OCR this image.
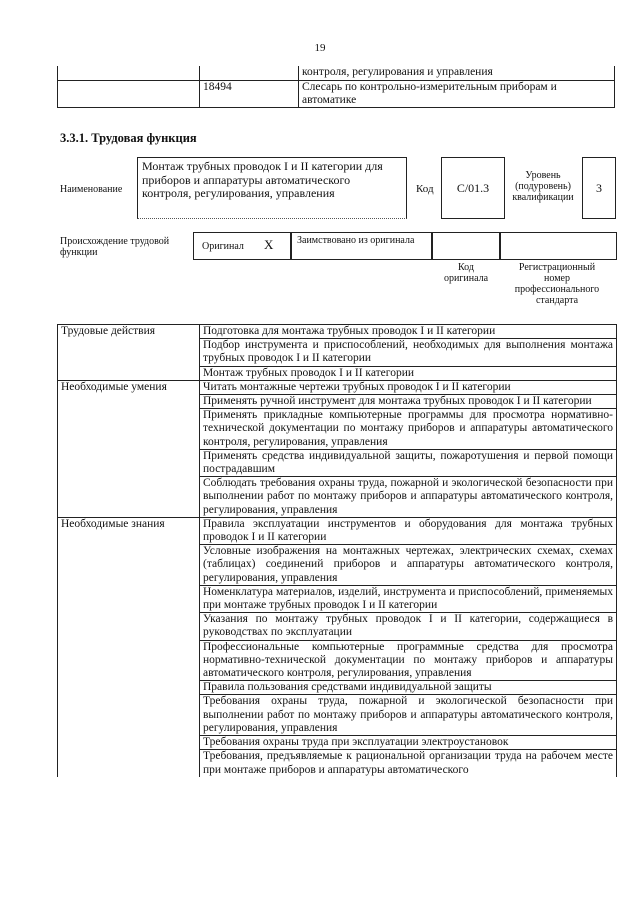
19
		контроля, регулирования и управления
	18494	Слесарь по контрольно-измерительным приборам и автоматике
3.3.1. Трудовая функция
Наименование
Монтаж трубных проводок I и II категории для приборов и аппаратуры автоматического контроля, регулирования, управления	Код C/01.3
Уровень (подуровень) квалификации
3
Происхождение трудовой функции
Оригинал X Заимствовано из оригинала
Код оригинала
Регистрационный номер профессионального стандарта
Трудовые действия	Подготовка для монтажа трубных проводок I и II категории
	Подбор инструмента и приспособлений, необходимых для выполнения монтажа трубных проводок I и II категории
	Монтаж трубных проводок I и II категории
Необходимые умения	Читать монтажные чертежи трубных проводок I и II категории
	Применять ручной инструмент для монтажа трубных проводок I и II категории
	Применять прикладные компьютерные программы для просмотра нормативно-технической документации по монтажу приборов и аппаратуры автоматического контроля, регулирования, управления
	Применять средства индивидуальной защиты, пожаротушения и первой помощи пострадавшим
	Соблюдать требования охраны труда, пожарной и экологической безопасности при выполнении работ по монтажу приборов и аппаратуры автоматического контроля, регулирования, управления
Необходимые знания	Правила эксплуатации инструментов и оборудования для монтажа трубных проводок I и II категории
	Условные изображения на монтажных чертежах, электрических схемах, схемах (таблицах) соединений приборов и аппаратуры автоматического контроля, регулирования, управления
	Номенклатура материалов, изделий, инструмента и приспособлений, применяемых при монтаже трубных проводок I и II категории
	Указания по монтажу трубных проводок I и II категории, содержащиеся в руководствах по эксплуатации
	Профессиональные компьютерные программные средства для просмотра нормативно-технической документации по монтажу приборов и аппаратуры автоматического контроля, регулирования, управления
	Правила пользования средствами индивидуальной защиты
	Требования охраны труда, пожарной и экологической безопасности при выполнении работ по монтажу приборов и аппаратуры автоматического контроля, регулирования, управления
	Требования охраны труда при эксплуатации электроустановок
	Требования, предъявляемые к рациональной организации труда на рабочем месте при монтаже приборов и аппаратуры автоматического
